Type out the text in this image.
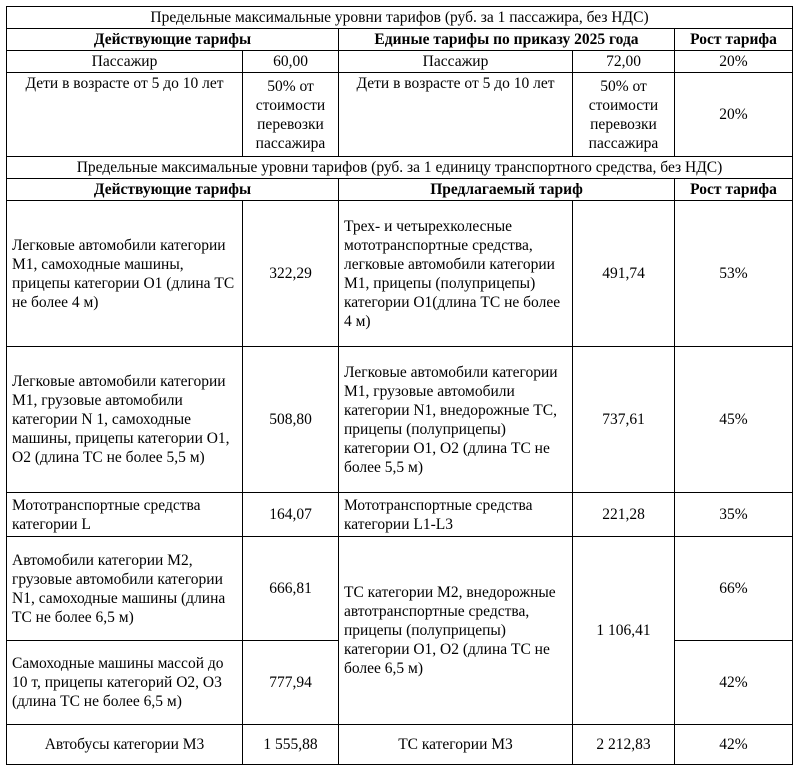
Предельные максимальные уровни тарифов (руб. за 1 пассажира, без НДС)				
Действующие тарифы		Единые тарифы по приказу 2025 года		Рост тарифа
Пассажир	60,00	Пассажир	72,00	20%
Дети в возрасте от 5 до 10 лет	50% от стоимости перевозки пассажира	Дети в возрасте от 5 до 10 лет	50% от стоимости перевозки пассажира	20%
Предельные максимальные уровни тарифов (руб. за 1 единицу транспортного средства, без НДС)				
Действующие тарифы		Предлагаемый тариф		Рост тарифа
Легковые автомобили категории М1, самоходные машины, прицепы категории О1 (длина ТС не более 4 м)	322,29	Трех- и четырехколесные мототранспортные средства, легковые автомобили категории М1, прицепы (полуприцепы) категории О1(длина ТС не более 4 м)	491,74	53%
Легковые автомобили категории М1, грузовые автомобили категории N 1, самоходные машины, прицепы категории О1, О2 (длина ТС не более 5,5 м)	508,80	Легковые автомобили категории М1, грузовые автомобили категории N1, внедорожные ТС, прицепы (полуприцепы) категории О1, О2 (длина ТС не более 5,5 м)	737,61	45%
Мототранспортные средства категории L	164,07	Мототранспортные средства категории L1-L3	221,28	35%
Автомобили категории М2, грузовые автомобили категории N1, самоходные машины (длина ТС не более 6,5 м)	666,81	ТС категории М2, внедорожные автотранспортные средства, прицепы (полуприцепы) категории О1, О2 (длина ТС не более 6,5 м)	1 106,41	66%
Самоходные машины массой до 10 т, прицепы категорий О2, О3 (длина ТС не более 6,5 м)	777,94			42%
Автобусы категории М3	1 555,88	ТС категории М3	2 212,83	42%
